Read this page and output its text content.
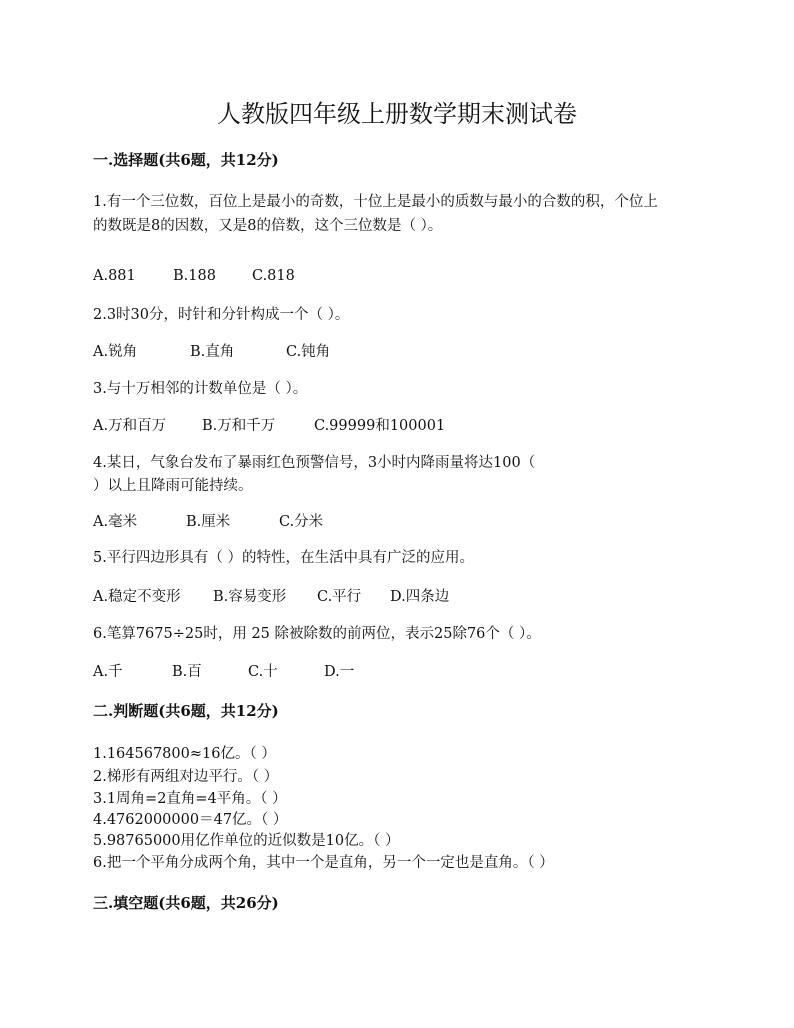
人教版四年级上册数学期末测试卷
一.选择题(共6题，共12分)
1.有一个三位数，百位上是最小的奇数，十位上是最小的质数与最小的合数的积，个位上
的数既是8的因数，又是8的倍数，这个三位数是（ ）。
A.881	B.188 C.818
2.3时30分，时针和分针构成一个（ ）。
A.锐角	B.直角	C.钝角
3.与十万相邻的计数单位是（ ）。
A.万和百万 B.万和千万	C.99999和100001
4.某日，气象台发布了暴雨红色预警信号，3小时内降雨量将达100（
）以上且降雨可能持续。
A.毫米	B.厘米	C.分米
5.平行四边形具有（ ）的特性，在生活中具有广泛的应用。
A.稳定不变形 B.容易变形 C.平行 D.四条边
6.笔算7675÷25时，用 25 除被除数的前两位，表示25除76个（ ）。
A.千	B.百	C.十	D.一
二.判断题(共6题，共12分)
1.164567800≈16亿。（ ）
2.梯形有两组对边平行。（ ）
3.1周角=2直角=4平角。（ ）
4.4762000000＝47亿。（ ）
5.98765000用亿作单位的近似数是10亿。（ ）
6.把一个平角分成两个角，其中一个是直角，另一个一定也是直角。（ ）
三.填空题(共6题，共26分)
